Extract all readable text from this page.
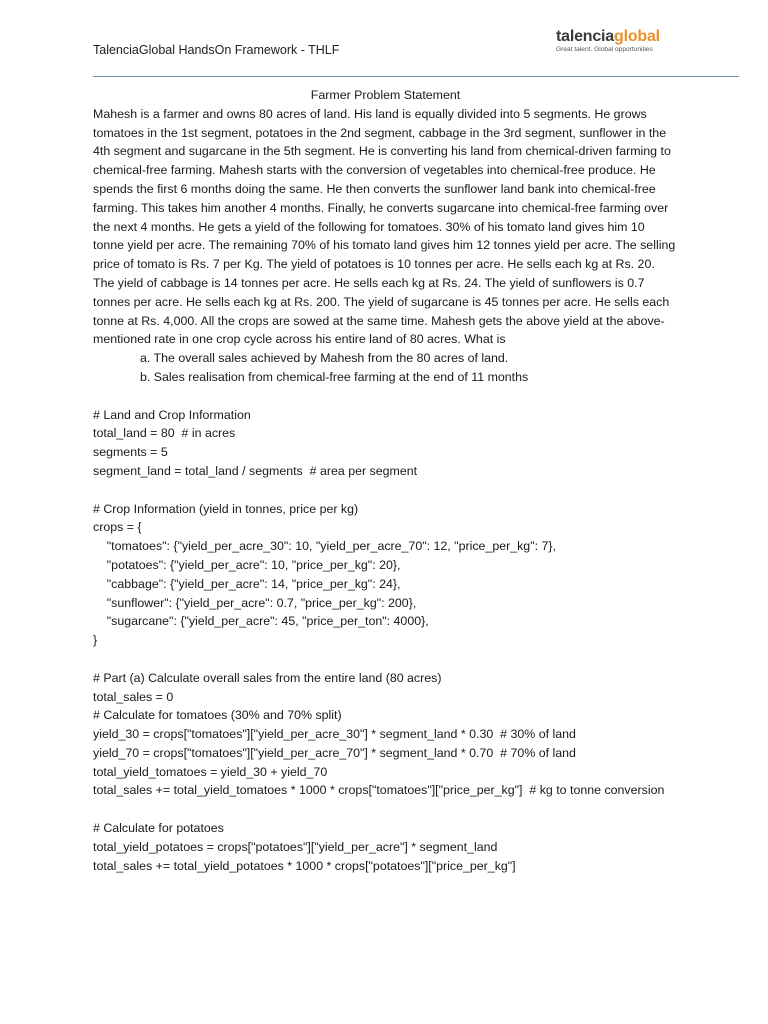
TalenciaGlobal HandsOn Framework - THLF
talenciaglobal
Great talent. Global opportunities

Farmer Problem Statement

Mahesh is a farmer and owns 80 acres of land. His land is equally divided into 5 segments. He grows tomatoes in the 1st segment, potatoes in the 2nd segment, cabbage in the 3rd segment, sunflower in the 4th segment and sugarcane in the 5th segment. He is converting his land from chemical-driven farming to chemical-free farming. Mahesh starts with the conversion of vegetables into chemical-free produce. He spends the first 6 months doing the same. He then converts the sunflower land bank into chemical-free farming. This takes him another 4 months. Finally, he converts sugarcane into chemical-free farming over the next 4 months. He gets a yield of the following for tomatoes. 30% of his tomato land gives him 10 tonne yield per acre. The remaining 70% of his tomato land gives him 12 tonnes yield per acre. The selling price of tomato is Rs. 7 per Kg. The yield of potatoes is 10 tonnes per acre. He sells each kg at Rs. 20. The yield of cabbage is 14 tonnes per acre. He sells each kg at Rs. 24. The yield of sunflowers is 0.7 tonnes per acre. He sells each kg at Rs. 200. The yield of sugarcane is 45 tonnes per acre. He sells each tonne at Rs. 4,000. All the crops are sowed at the same time. Mahesh gets the above yield at the above-mentioned rate in one crop cycle across his entire land of 80 acres. What is

a. The overall sales achieved by Mahesh from the 80 acres of land.
b. Sales realisation from chemical-free farming at the end of 11 months

# Land and Crop Information

total_land = 80  # in acres

segments = 5

segment_land = total_land / segments  # area per segment

# Crop Information (yield in tonnes, price per kg)

crops = {

"tomatoes": {"yield_per_acre_30": 10, "yield_per_acre_70": 12, "price_per_kg": 7},

"potatoes": {"yield_per_acre": 10, "price_per_kg": 20},

"cabbage": {"yield_per_acre": 14, "price_per_kg": 24},

"sunflower": {"yield_per_acre": 0.7, "price_per_kg": 200},

"sugarcane": {"yield_per_acre": 45, "price_per_ton": 4000},

}

# Part (a) Calculate overall sales from the entire land (80 acres)

total_sales = 0

# Calculate for tomatoes (30% and 70% split)

yield_30 = crops["tomatoes"]["yield_per_acre_30"] * segment_land * 0.30  # 30% of land

yield_70 = crops["tomatoes"]["yield_per_acre_70"] * segment_land * 0.70  # 70% of land

total_yield_tomatoes = yield_30 + yield_70

total_sales += total_yield_tomatoes * 1000 * crops["tomatoes"]["price_per_kg"]  # kg to tonne conversion

# Calculate for potatoes

total_yield_potatoes = crops["potatoes"]["yield_per_acre"] * segment_land

total_sales += total_yield_potatoes * 1000 * crops["potatoes"]["price_per_kg"]
